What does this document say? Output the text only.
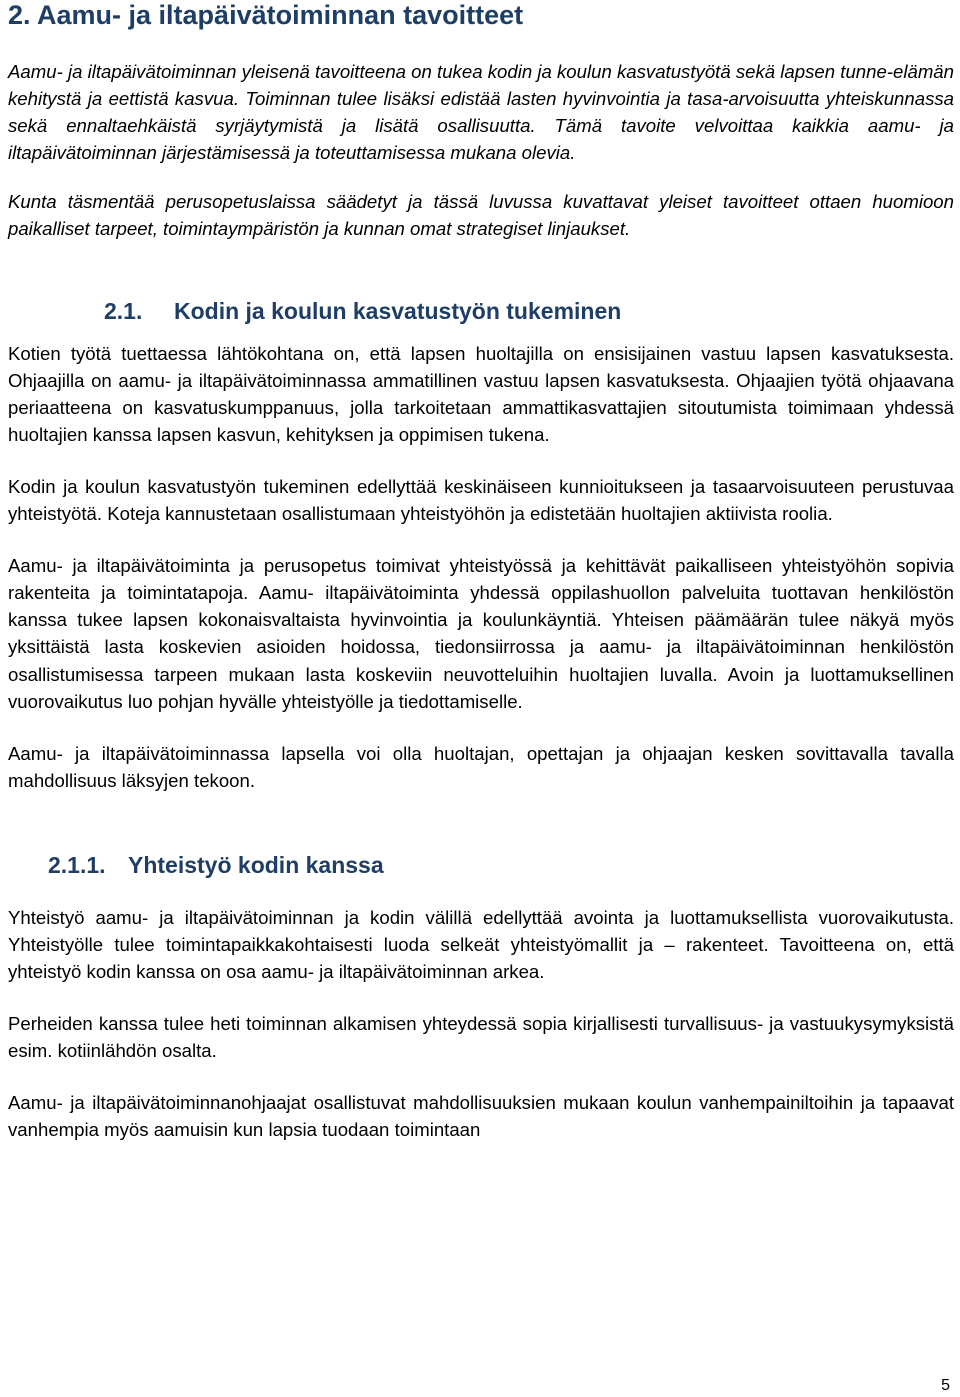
2. Aamu- ja iltapäivätoiminnan tavoitteet

Aamu- ja iltapäivätoiminnan yleisenä tavoitteena on tukea kodin ja koulun kasvatustyötä sekä lapsen tunne-elämän kehitystä ja eettistä kasvua. Toiminnan tulee lisäksi edistää lasten hyvinvointia ja tasa-arvoisuutta yhteiskunnassa sekä ennaltaehkäistä syrjäytymistä ja lisätä osallisuutta. Tämä tavoite velvoittaa kaikkia aamu- ja iltapäivätoiminnan järjestämisessä ja toteuttamisessa mukana olevia.

Kunta täsmentää perusopetuslaissa säädetyt ja tässä luvussa kuvattavat yleiset tavoitteet ottaen huomioon paikalliset tarpeet, toimintaympäristön ja kunnan omat strategiset linjaukset.

2.1.	Kodin ja koulun kasvatustyön tukeminen

Kotien työtä tuettaessa lähtökohtana on, että lapsen huoltajilla on ensisijainen vastuu lapsen kasvatuksesta. Ohjaajilla on aamu- ja iltapäivätoiminnassa ammatillinen vastuu lapsen kasvatuksesta. Ohjaajien työtä ohjaavana periaatteena on kasvatuskumppanuus, jolla tarkoitetaan ammattikasvattajien sitoutumista toimimaan yhdessä huoltajien kanssa lapsen kasvun, kehityksen ja oppimisen tukena.

Kodin ja koulun kasvatustyön tukeminen edellyttää keskinäiseen kunnioitukseen ja tasaarvoisuuteen perustuvaa yhteistyötä. Koteja kannustetaan osallistumaan yhteistyöhön ja edistetään huoltajien aktiivista roolia.

Aamu- ja iltapäivätoiminta ja perusopetus toimivat yhteistyössä ja kehittävät paikalliseen yhteistyöhön sopivia rakenteita ja toimintatapoja. Aamu- iltapäivätoiminta yhdessä oppilashuollon palveluita tuottavan henkilöstön kanssa tukee lapsen kokonaisvaltaista hyvinvointia ja koulunkäyntiä. Yhteisen päämäärän tulee näkyä myös yksittäistä lasta koskevien asioiden hoidossa, tiedonsiirrossa ja aamu- ja iltapäivätoiminnan henkilöstön osallistumisessa tarpeen mukaan lasta koskeviin neuvotteluihin huoltajien luvalla. Avoin ja luottamuksellinen vuorovaikutus luo pohjan hyvälle yhteistyölle ja tiedottamiselle.

Aamu- ja iltapäivätoiminnassa lapsella voi olla huoltajan, opettajan ja ohjaajan kesken sovittavalla tavalla mahdollisuus läksyjen tekoon.

2.1.1. Yhteistyö kodin kanssa

Yhteistyö aamu- ja iltapäivätoiminnan ja kodin välillä edellyttää avointa ja luottamuksellista vuorovaikutusta. Yhteistyölle tulee toimintapaikkakohtaisesti luoda selkeät yhteistyömallit ja – rakenteet. Tavoitteena on, että yhteistyö kodin kanssa on osa aamu- ja iltapäivätoiminnan arkea.

Perheiden kanssa tulee heti toiminnan alkamisen yhteydessä sopia kirjallisesti turvallisuus- ja vastuukysymyksistä esim. kotiinlähdön osalta.

Aamu- ja iltapäivätoiminnanohjaajat osallistuvat mahdollisuuksien mukaan koulun vanhempainiltoihin ja tapaavat vanhempia myös aamuisin kun lapsia tuodaan toimintaan

5
